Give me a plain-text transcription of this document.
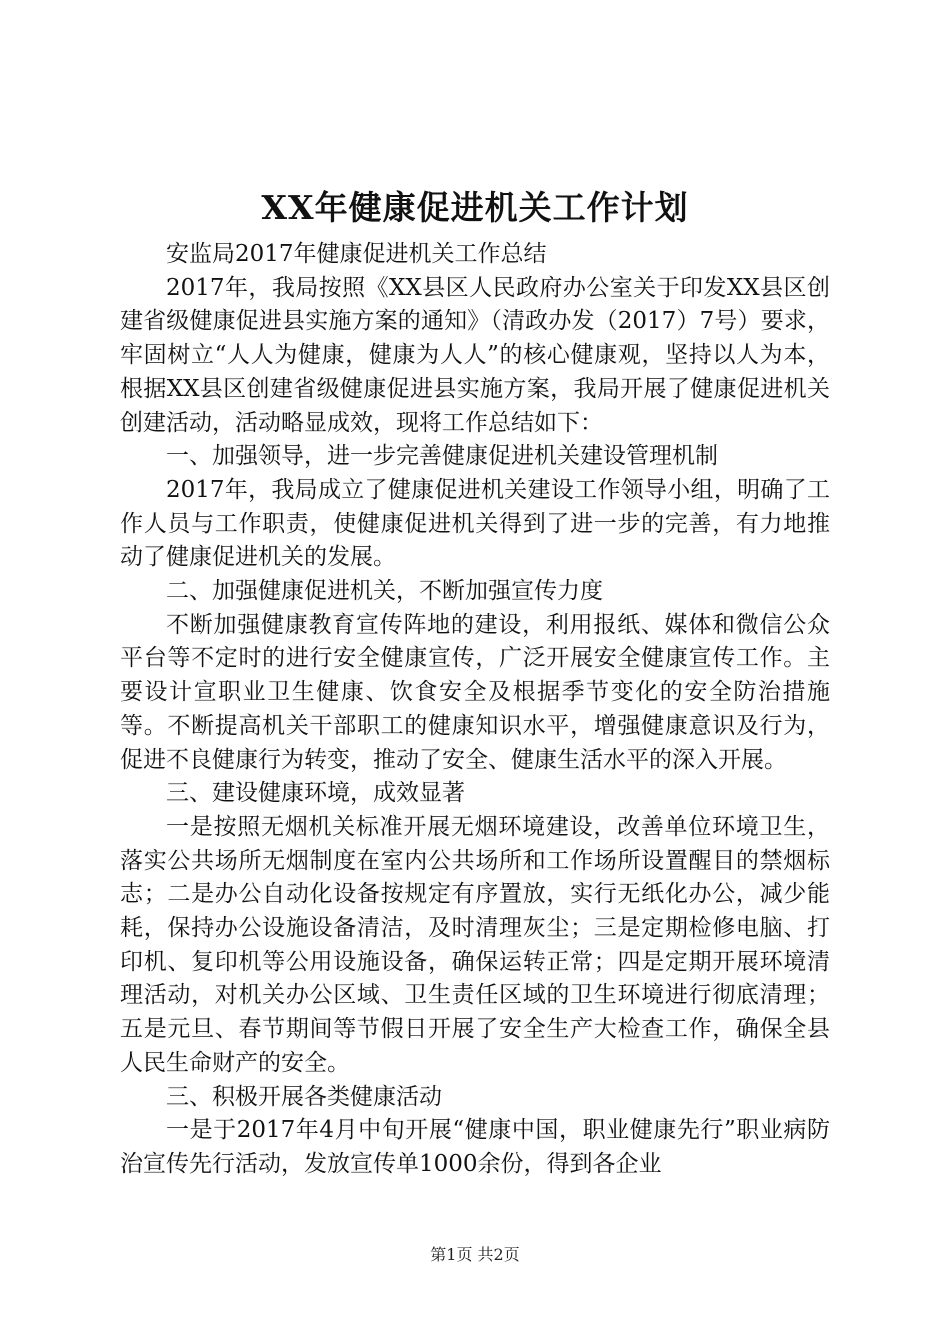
XX年健康促进机关工作计划

安监局2017年健康促进机关工作总结

2017年，我局按照《XX县区人民政府办公室关于印发XX县区创建省级健康促进县实施方案的通知》（清政办发（2017）7号）要求，牢固树立“人人为健康，健康为人人”的核心健康观，坚持以人为本，根据XX县区创建省级健康促进县实施方案，我局开展了健康促进机关创建活动，活动略显成效，现将工作总结如下：

一、加强领导，进一步完善健康促进机关建设管理机制

2017年，我局成立了健康促进机关建设工作领导小组，明确了工作人员与工作职责，使健康促进机关得到了进一步的完善，有力地推动了健康促进机关的发展。

二、加强健康促进机关，不断加强宣传力度

不断加强健康教育宣传阵地的建设，利用报纸、媒体和微信公众平台等不定时的进行安全健康宣传，广泛开展安全健康宣传工作。主要设计宣职业卫生健康、饮食安全及根据季节变化的安全防治措施等。不断提高机关干部职工的健康知识水平，增强健康意识及行为，促进不良健康行为转变，推动了安全、健康生活水平的深入开展。

三、建设健康环境，成效显著

一是按照无烟机关标准开展无烟环境建设，改善单位环境卫生，落实公共场所无烟制度在室内公共场所和工作场所设置醒目的禁烟标志；二是办公自动化设备按规定有序置放，实行无纸化办公，减少能耗，保持办公设施设备清洁，及时清理灰尘；三是定期检修电脑、打印机、复印机等公用设施设备，确保运转正常；四是定期开展环境清理活动，对机关办公区域、卫生责任区域的卫生环境进行彻底清理；五是元旦、春节期间等节假日开展了安全生产大检查工作，确保全县人民生命财产的安全。

三、积极开展各类健康活动

一是于2017年4月中旬开展“健康中国，职业健康先行”职业病防治宣传先行活动，发放宣传单1000余份，得到各企业

第1页 共2页
